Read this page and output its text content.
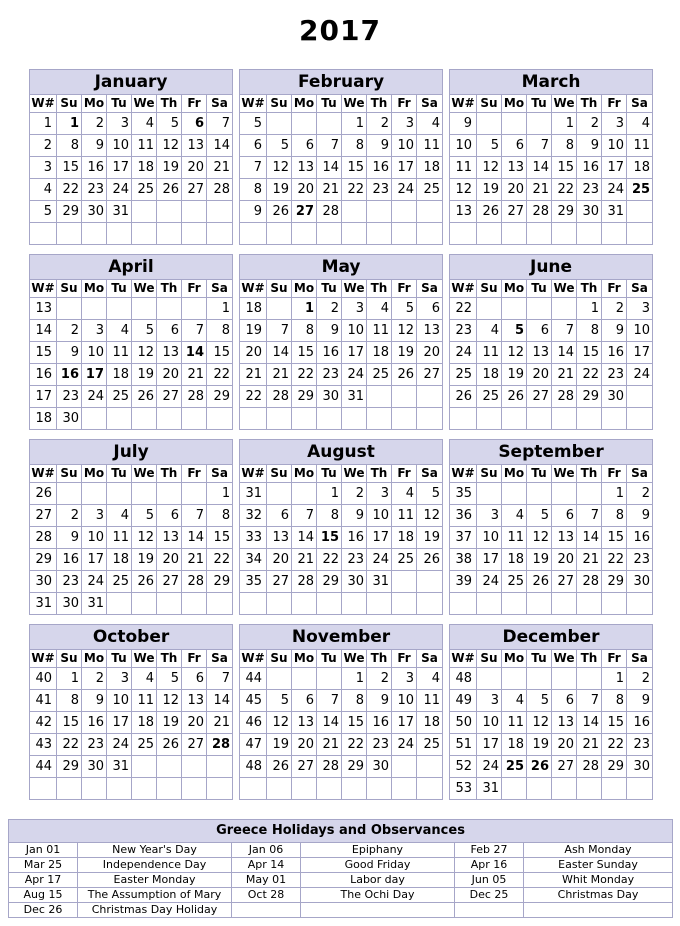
2017
January							
W#	Su	Mo	Tu	We	Th	Fr	Sa
1	1	2	3	4	5	6	7
2	8	9	10	11	12	13	14
3	15	16	17	18	19	20	21
4	22	23	24	25	26	27	28
5	29	30	31				

February							
W#	Su	Mo	Tu	We	Th	Fr	Sa
5				1	2	3	4
6	5	6	7	8	9	10	11
7	12	13	14	15	16	17	18
8	19	20	21	22	23	24	25
9	26	27	28				

March							
W#	Su	Mo	Tu	We	Th	Fr	Sa
9				1	2	3	4
10	5	6	7	8	9	10	11
11	12	13	14	15	16	17	18
12	19	20	21	22	23	24	25
13	26	27	28	29	30	31	

April							
W#	Su	Mo	Tu	We	Th	Fr	Sa
13							1
14	2	3	4	5	6	7	8
15	9	10	11	12	13	14	15
16	16	17	18	19	20	21	22
17	23	24	25	26	27	28	29
18	30						
May							
W#	Su	Mo	Tu	We	Th	Fr	Sa
18		1	2	3	4	5	6
19	7	8	9	10	11	12	13
20	14	15	16	17	18	19	20
21	21	22	23	24	25	26	27
22	28	29	30	31			

June							
W#	Su	Mo	Tu	We	Th	Fr	Sa
22					1	2	3
23	4	5	6	7	8	9	10
24	11	12	13	14	15	16	17
25	18	19	20	21	22	23	24
26	25	26	27	28	29	30	

July							
W#	Su	Mo	Tu	We	Th	Fr	Sa
26							1
27	2	3	4	5	6	7	8
28	9	10	11	12	13	14	15
29	16	17	18	19	20	21	22
30	23	24	25	26	27	28	29
31	30	31					
August							
W#	Su	Mo	Tu	We	Th	Fr	Sa
31			1	2	3	4	5
32	6	7	8	9	10	11	12
33	13	14	15	16	17	18	19
34	20	21	22	23	24	25	26
35	27	28	29	30	31		

September							
W#	Su	Mo	Tu	We	Th	Fr	Sa
35						1	2
36	3	4	5	6	7	8	9
37	10	11	12	13	14	15	16
38	17	18	19	20	21	22	23
39	24	25	26	27	28	29	30

October							
W#	Su	Mo	Tu	We	Th	Fr	Sa
40	1	2	3	4	5	6	7
41	8	9	10	11	12	13	14
42	15	16	17	18	19	20	21
43	22	23	24	25	26	27	28
44	29	30	31				

November							
W#	Su	Mo	Tu	We	Th	Fr	Sa
44				1	2	3	4
45	5	6	7	8	9	10	11
46	12	13	14	15	16	17	18
47	19	20	21	22	23	24	25
48	26	27	28	29	30		

December							
W#	Su	Mo	Tu	We	Th	Fr	Sa
48						1	2
49	3	4	5	6	7	8	9
50	10	11	12	13	14	15	16
51	17	18	19	20	21	22	23
52	24	25	26	27	28	29	30
53	31						
Greece Holidays and Observances					
Jan 01	New Year's Day	Jan 06	Epiphany	Feb 27	Ash Monday
Mar 25	Independence Day	Apr 14	Good Friday	Apr 16	Easter Sunday
Apr 17	Easter Monday	May 01	Labor day	Jun 05	Whit Monday
Aug 15	The Assumption of Mary	Oct 28	The Ochi Day	Dec 25	Christmas Day
Dec 26	Christmas Day Holiday				
